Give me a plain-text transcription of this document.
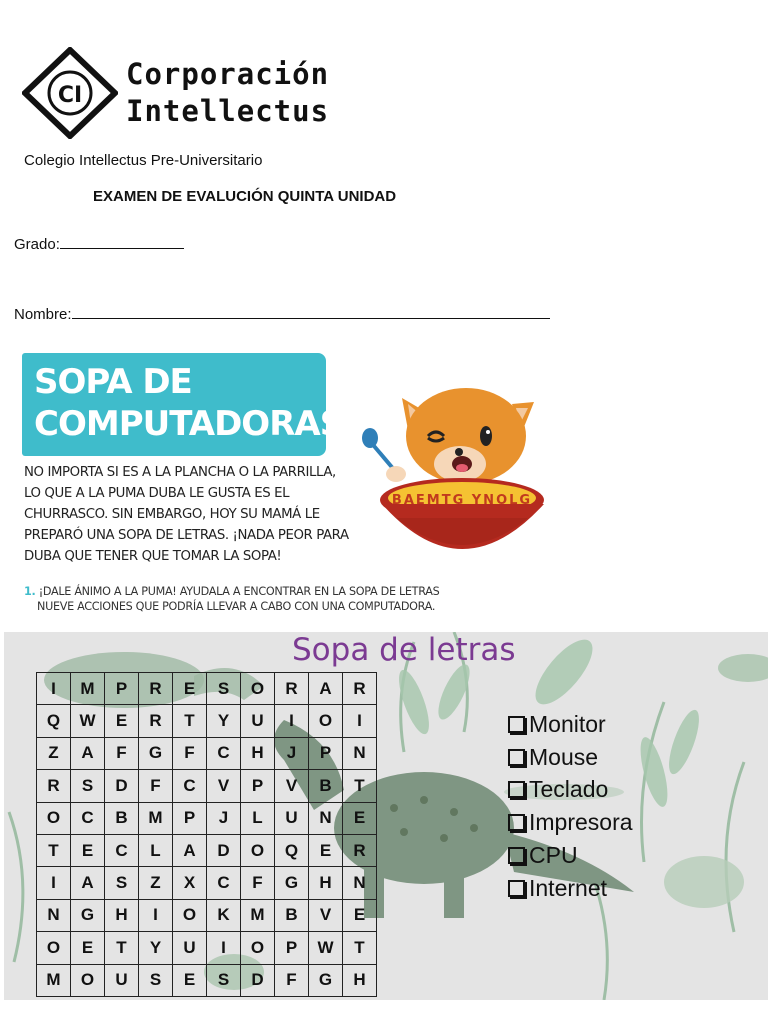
CI
Corporación
Intellectus
Colegio Intellectus Pre-Universitario
EXAMEN DE EVALUCIÓN QUINTA UNIDAD
Grado:
Nombre:
SOPA DE
COMPUTADORAS
NO IMPORTA SI ES A LA PLANCHA O LA PARRILLA,
LO QUE A LA PUMA DUBA LE GUSTA ES EL
CHURRASCO. SIN EMBARGO, HOY SU MAMÁ LE
PREPARÓ UNA SOPA DE LETRAS. ¡NADA PEOR PARA
DUBA QUE TENER QUE TOMAR LA SOPA!
1. ¡DALE ÁNIMO A LA PUMA! AYUDALA A ENCONTRAR EN LA SOPA DE LETRAS
NUEVE ACCIONES QUE PODRÍA LLEVAR A CABO CON UNA COMPUTADORA.
BAEMTG YNOLG
Sopa de letras
I	M	P	R	E	S	O	R	A	R
Q	W	E	R	T	Y	U	I	O	I
Z	A	F	G	F	C	H	J	P	N
R	S	D	F	C	V	P	V	B	T
O	C	B	M	P	J	L	U	N	E
T	E	C	L	A	D	O	Q	E	R
I	A	S	Z	X	C	F	G	H	N
N	G	H	I	O	K	M	B	V	E
O	E	T	Y	U	I	O	P	W	T
M	O	U	S	E	S	D	F	G	H
Monitor
Mouse
Teclado
Impresora
CPU
Internet
